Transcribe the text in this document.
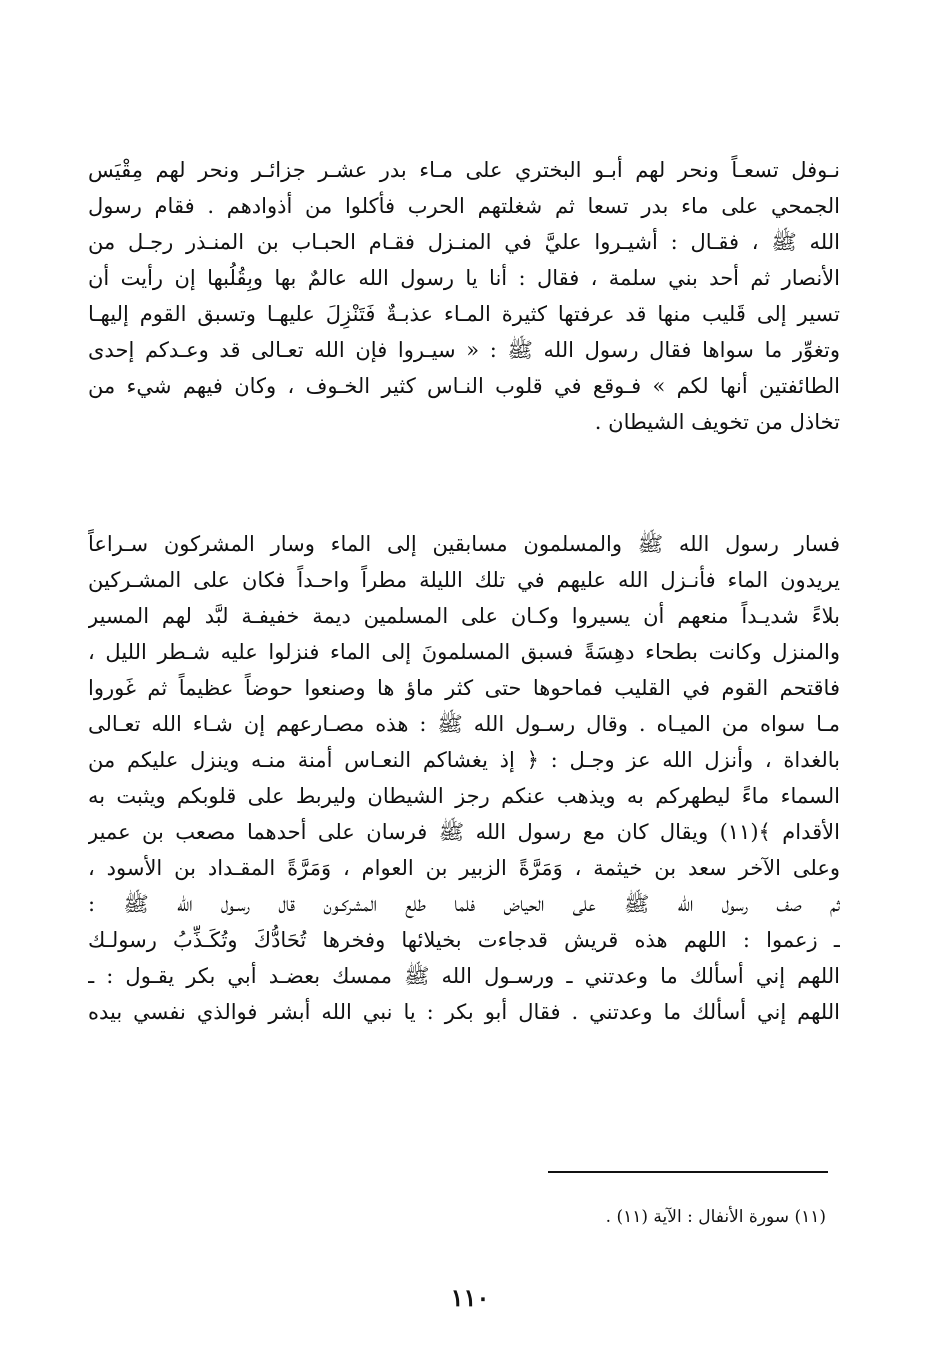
نـوفل تسعـاً ونحر لهم أبـو البختري على مـاء بدر عشـر جزائـر ونحر لهم مِقْيَس
الجمحي على ماء بدر تسعا ثم شغلتهم الحرب فأكلوا من أذوادهم . فقام رسول
الله ﷺ ، فقـال : أشيـروا عليَّ في المنـزل فقـام الحبـاب بن المنـذر رجـل من
الأنصار ثم أحد بني سلمة ، فقال : أنا يا رسول الله عالمٌ بها وبِقُلُبها إن رأيت أن
تسير إلى قَليب منها قد عرفتها كثيرة المـاء عذبـةٌ فَتَنْزِلَ عليهـا وتسبق القوم إليهـا
وتغوِّر ما سواها فقال رسول الله ﷺ : « سيـروا فإن الله تعـالى قد وعـدكم إحدى
الطائفتين أنها لكم » فـوقع في قلوب النـاس كثير الخـوف ، وكان فيهم شيء من
تخاذل من تخويف الشيطان .
فسار رسول الله ﷺ والمسلمون مسابقين إلى الماء وسار المشركون سـراعاً
يريدون الماء فأنـزل الله عليهم في تلك الليلة مطراً واحـداً فكان على المشـركين
بلاءً شديـداً منعهم أن يسيروا وكـان على المسلمين ديمة خفيفـة لبَّد لهم المسير
والمنزل وكانت بطحاء دهِسَةً فسبق المسلمونَ إلى الماء فنزلوا عليه شـطر الليل ،
فاقتحم القوم في القليب فماحوها حتى كثر ماؤ ها وصنعوا حوضاً عظيماً ثم غَوروا
مـا سواه من الميـاه . وقال رسـول الله ﷺ : هذه مصـارعهم إن شـاء الله تعـالى
بالغداة ، وأنزل الله عز وجـل : ﴿ إذ يغشاكم النعـاس أمنة منـه وينزل عليكم من
السماء ماءً ليطهركم به ويذهب عنكم رجز الشيطان وليربط على قلوبكم ويثبت به
الأقدام ﴾(١١) ويقال كان مع رسول الله ﷺ فرسان على أحدهما مصعب بن عمير
وعلى الآخر سعد بن خيثمة ، وَمَرَّةً الزبير بن العوام ، وَمَرَّةً المقـداد بن الأسود ،
ثم صف رسول الله ﷺ على الحياض فلما طلع المشركـون قال رسـول الله ﷺ :
ـ زعموا : اللهم هذه قريش قدجاءت بخيلائها وفخرها تُحَادُّكَ وتُكَـذِّبُ رسولـك
اللهم إني أسألك ما وعدتني ـ ورسـول الله ﷺ ممسك بعضـد أبي بكر يقـول : ـ
اللهم إني أسألك ما وعدتني . فقال أبو بكر : يا نبي الله أبشر فوالذي نفسي بيده
(١١) سورة الأنفال : الآية (١١) .
١١٠
